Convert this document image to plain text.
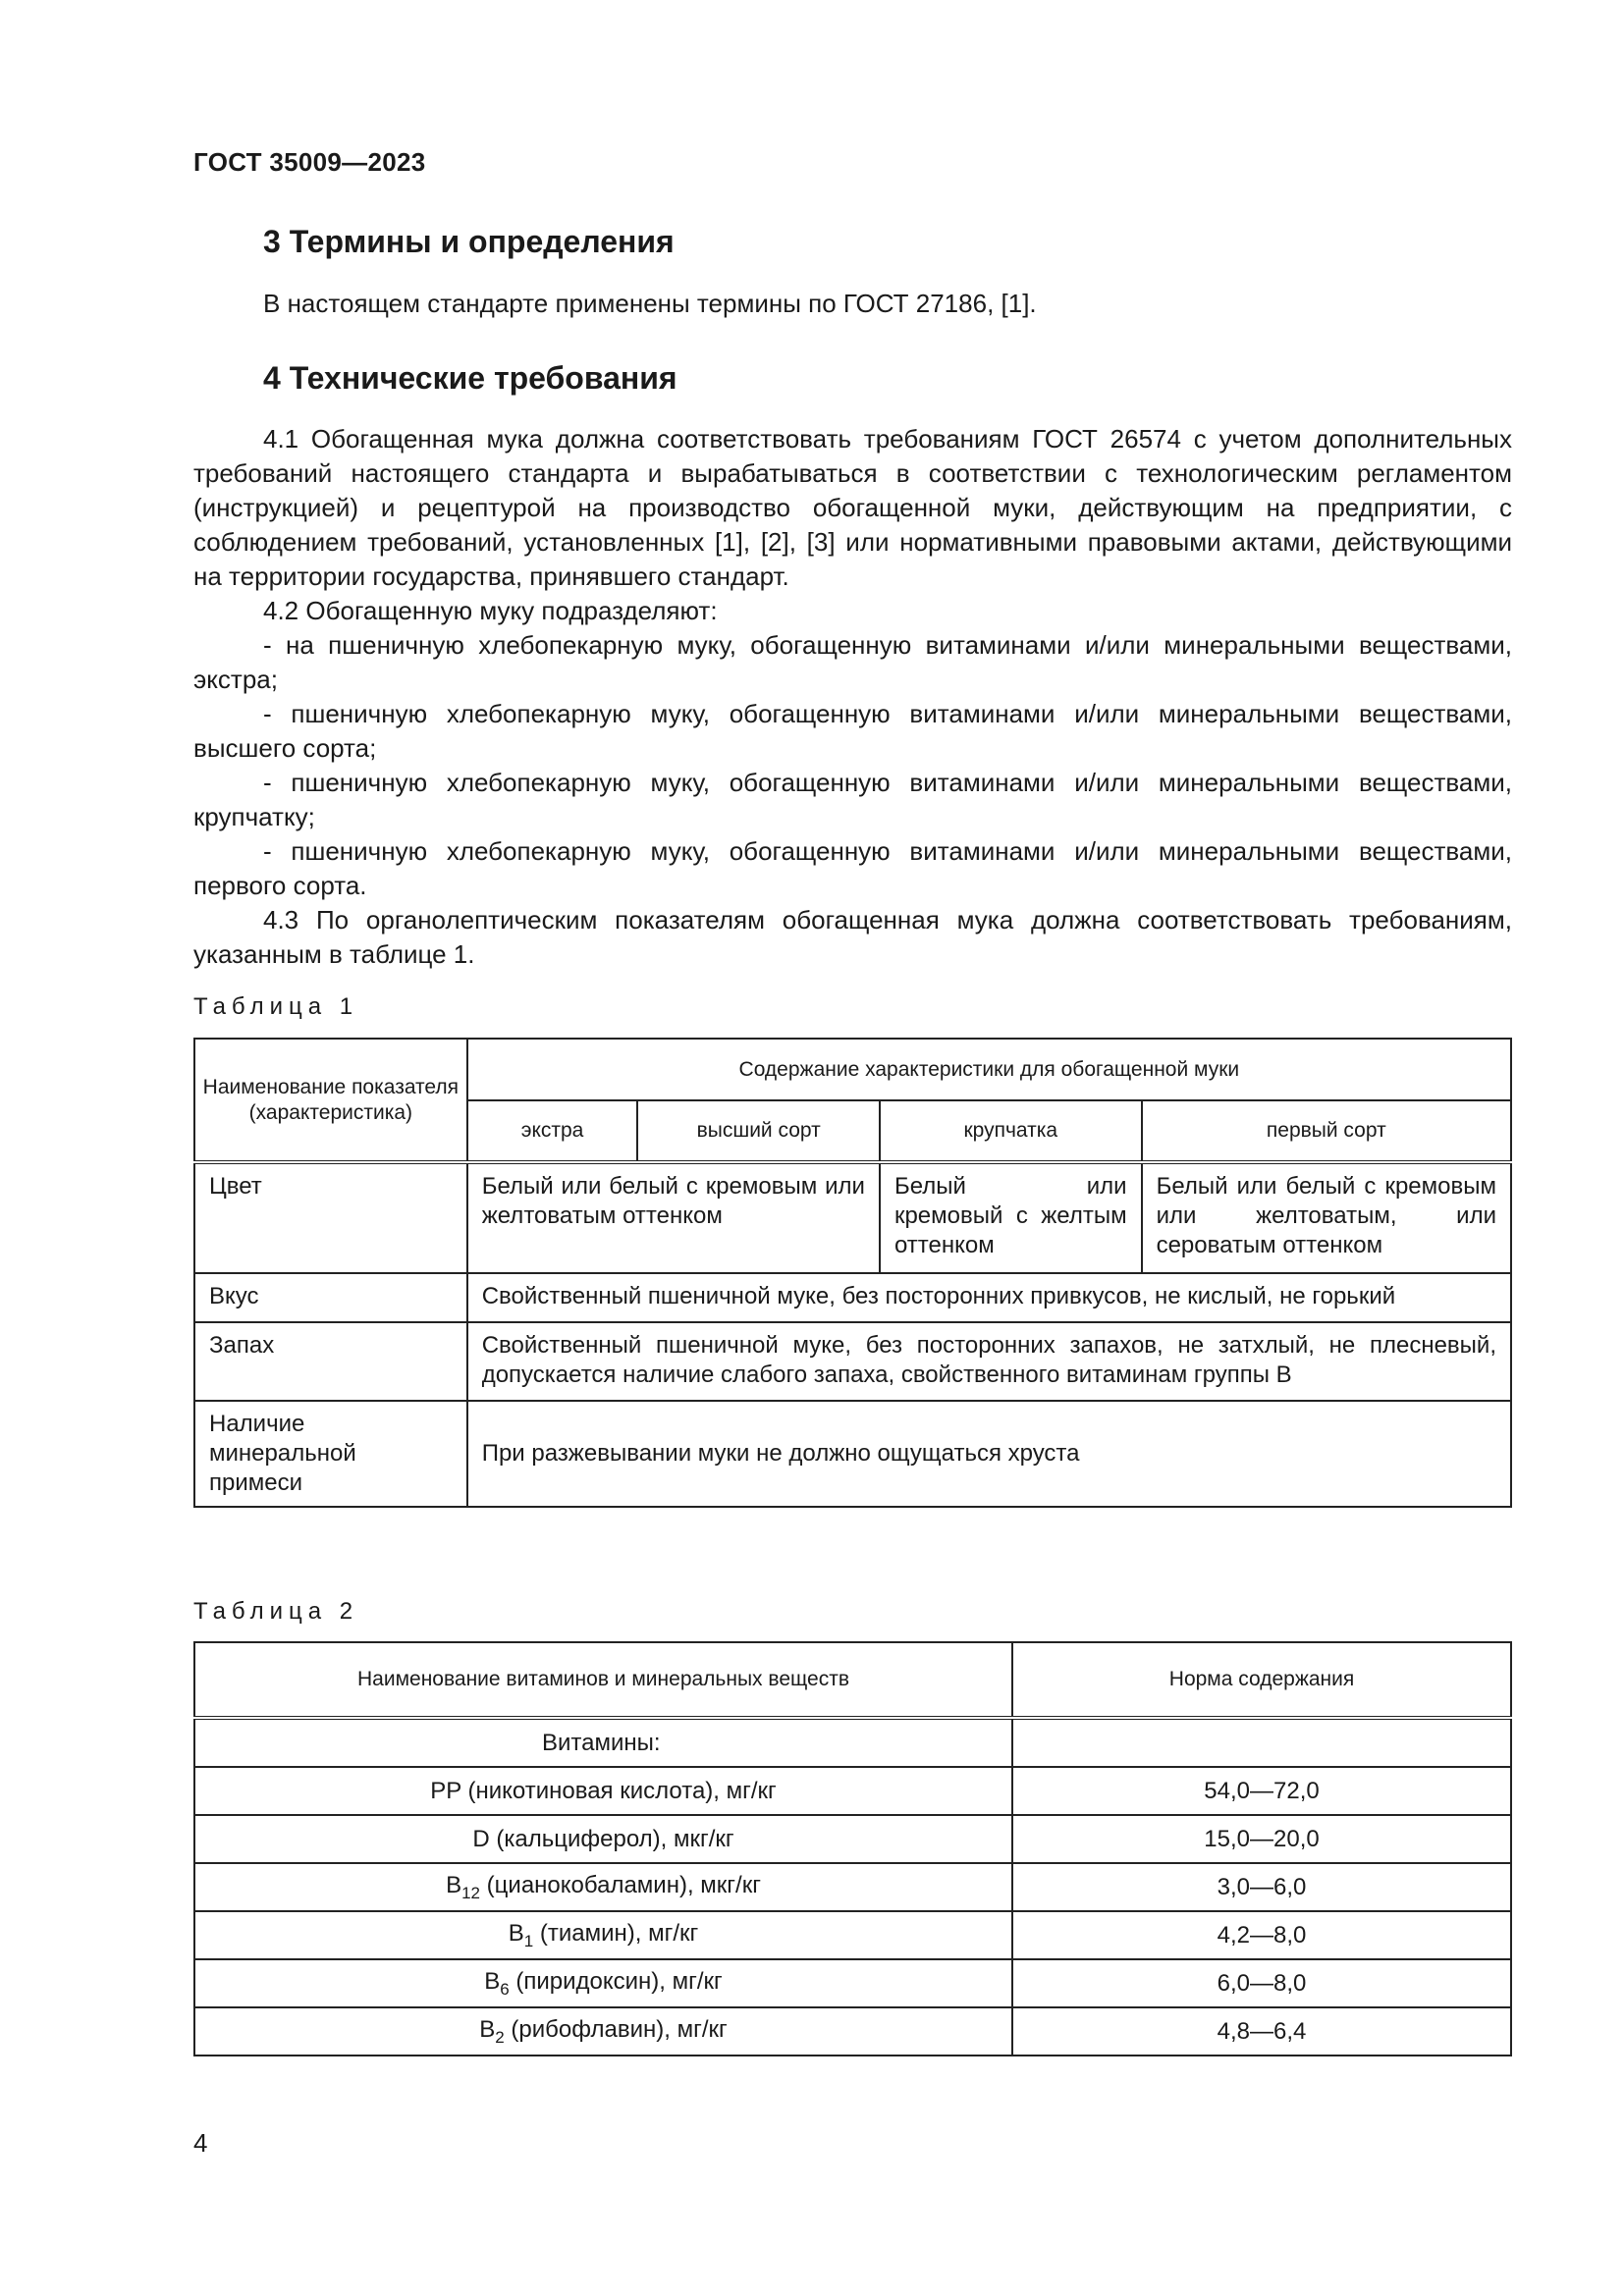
ГОСТ 35009—2023
3 Термины и определения

В настоящем стандарте применены термины по ГОСТ 27186, [1].

4 Технические требования

4.1 Обогащенная мука должна соответствовать требованиям ГОСТ 26574 с учетом дополнительных требований настоящего стандарта и вырабатываться в соответствии с технологическим регламентом (инструкцией) и рецептурой на производство обогащенной муки, действующим на предприятии, с соблюдением требований, установленных [1], [2], [3] или нормативными правовыми актами, действующими на территории государства, принявшего стандарт.

4.2 Обогащенную муку подразделяют:

- на пшеничную хлебопекарную муку, обогащенную витаминами и/или минеральными веществами, экстра;

- пшеничную хлебопекарную муку, обогащенную витаминами и/или минеральными веществами, высшего сорта;

- пшеничную хлебопекарную муку, обогащенную витаминами и/или минеральными веществами, крупчатку;

- пшеничную хлебопекарную муку, обогащенную витаминами и/или минеральными веществами, первого сорта.

4.3 По органолептическим показателям обогащенная мука должна соответствовать требованиям, указанным в таблице 1.

Таблица 1
Наименование показателя (характеристика)	Содержание характеристики для обогащенной муки			
	экстра	высший сорт	крупчатка	первый сорт
Цвет	Белый или белый с кремовым или желтоватым оттенком		Белый или кремовый с желтым оттенком	Белый или белый с кремовым или желтоватым, или сероватым оттенком
Вкус	Свойственный пшеничной муке, без посторонних привкусов, не кислый, не горький			
Запах	Свойственный пшеничной муке, без посторонних запахов, не затхлый, не плесневый, допускается наличие слабого запаха, свойственного витаминам группы B			
Наличие минеральной примеси	При разжевывании муки не должно ощущаться хруста			
Таблица 2
Наименование витаминов и минеральных веществ	Норма содержания
Витамины:	
PP (никотиновая кислота), мг/кг	54,0—72,0
D (кальциферол), мкг/кг	15,0—20,0
$B_{12}$ (цианокобаламин), мкг/кг	3,0—6,0
$B_1$ (тиамин), мг/кг	4,2—8,0
$B_6$ (пиридоксин), мг/кг	6,0—8,0
$B_2$ (рибофлавин), мг/кг	4,8—6,4
4
